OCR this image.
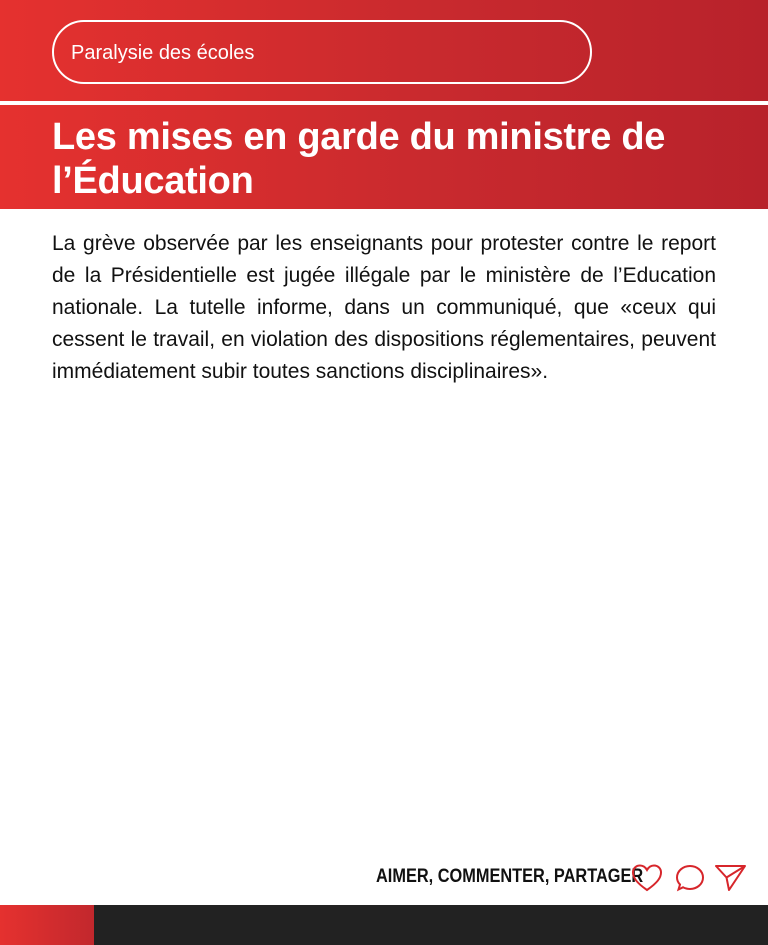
Paralysie des écoles
Les mises en garde du ministre de l’Éducation

La grève observée par les enseignants pour protester contre le report de la Présidentielle est jugée illégale par le ministère de l’Education nationale. La tutelle informe, dans un communiqué, que «ceux qui cessent le travail, en violation des dispositions réglementaires, peuvent immédiatement subir toutes sanctions disciplinaires».

AIMER, COMMENTER, PARTAGER
